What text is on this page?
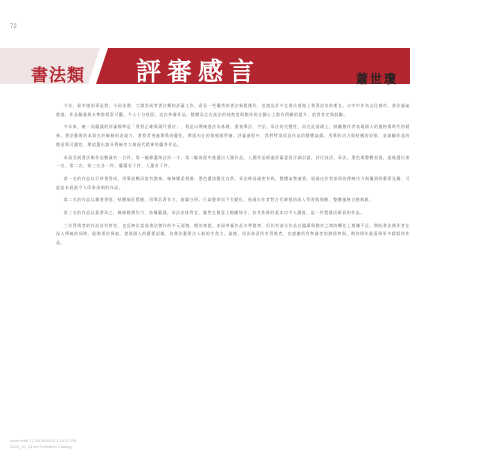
72
書法類 評審感言	蕭世瓊

今年，最幸運的事是我，今屆金鼎、大墩美展等書法類的評審工作，看見一些優秀的書法新銳創作，也遇見許多在書法道路上執著追求的朋友。台中市作為文化城市，書法風氣鼎盛，作品數量與水準都相當可觀，令人十分欣慰。這次參賽作品，整體而言在技法的純熟度與創作的企圖心上都有明顯的提升，值得肯定與鼓勵。

多年來，統一而嚴謹的評審標準是「書寫正確與現代書法」，我是以傳統書法為基礎，重視筆法、字法、章法的完整性，而在此基礎上，鼓勵創作者表現個人的風格與時代的精神。書法藝術的本質在於線條的表現力，書寫者透過筆墨的變化，傳達內在的情感與學養。評審過程中，我們特別留意作品的整體氣韻、用筆的功力與結構的安排，並兼顧作品的創意與可讀性，期望選出兼具傳統功力與現代精神的優秀作品。

本屆美展書法類作品數量約一百件，第一輪篩選淘汰約一半，第二輪再從中挑選出入圍作品。入圍作品經過評審委員仔細討論，評比技法、章法、墨色與整體表現，最後選出第一名、第二名、第三名各一件，優選若干件，入選若干件。

第一名的作品以行草書寫成，用筆流暢而富有節奏，線條剛柔相濟，墨色濃淡變化自然，章法佈局疏密有致，整體氣勢連貫，展現出作者深厚的傳統功力與獨到的藝術見解，可說是本屆最令人印象深刻的作品。

第二名的作品以隸書書寫，結體端莊穩健，用筆沉著有力，波磔分明，行氣整齊而不失變化，展現出作者對古代碑刻的深入學習與理解，整體風格古樸典雅。

第三名的作品以篆書為之，線條圓潤均勻，結構嚴謹，章法安排得宜，雖然在創意上略顯保守，但其紮實的基本功令人讚賞，是一件穩健而耐看的作品。

三位得獎者的作品各有特色，也反映出當前書法創作的多元面貌。總的來說，本屆參賽作品水準整齊，但仍有部分作品在臨摹與創作之間的轉化上稍嫌不足。期盼書法創作者在深入傳統的同時，能夠勇於探索，發展個人的藝術語彙，為書法藝術注入新的生命力。最後，再次恭喜所有得獎者，也感謝所有參賽者的熱情參與，期待明年能看到更多精彩的作品。

cover.indd 72 2009/10/23 1:16:37 PM
2009_10_23 Art Exhibition Catalog
